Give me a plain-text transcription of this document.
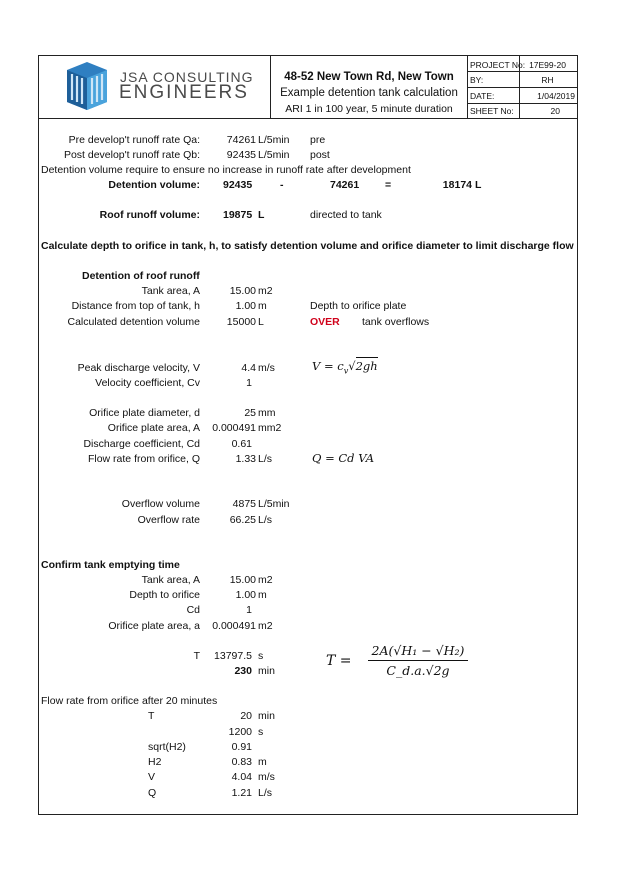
JSA CONSULTING
ENGINEERS
48-52 New Town Rd, New Town
Example detention tank calculation
ARI 1 in 100 year, 5 minute duration
PROJECT No: 17E99-20
BY:	RH
DATE:	1/04/2019
SHEET No:	20
Pre develop't runoff rate Qa:	74261 L/5min pre
Post develop't runoff rate Qb:	92435 L/5min post
Detention volume require to ensure no increase in runoff rate after development
Detention volume: 92435	-	74261 =	18174 L
Roof runoff volume: 19875 L	directed to tank
Calculate depth to orifice in tank, h, to satisfy detention volume and orifice diameter to limit discharge flow
Detention of roof runoff
Tank area, A	15.00 m2
Distance from top of tank, h	1.00 m	Depth to orifice plate
Calculated detention volume	15000 L	OVER tank overflows
Peak discharge velocity, V	4.4 m/s	$V = c_v√2gh$
Velocity coefficient, Cv	1
Orifice plate diameter, d	25 mm
Orifice plate area, A 0.000491 mm2
Discharge coefficient, Cd	0.61
Flow rate from orifice, Q	1.33 L/s	Q = Cd VA
Overflow volume	4875 L/5min
Overflow rate	66.25 L/s
Confirm tank emptying time
Tank area, A	15.00 m2
Depth to orifice	1.00 m
Cd	1
Orifice plate area, a 0.000491 m2
T 13797.5 s
230 min
T =
2A(√H₁ − √H₂)
C_d.a.√2g
Flow rate from orifice after 20 minutes
T	20 min
1200 s
sqrt(H2)	0.91
H2	0.83 m
V	4.04 m/s
Q	1.21 L/s
